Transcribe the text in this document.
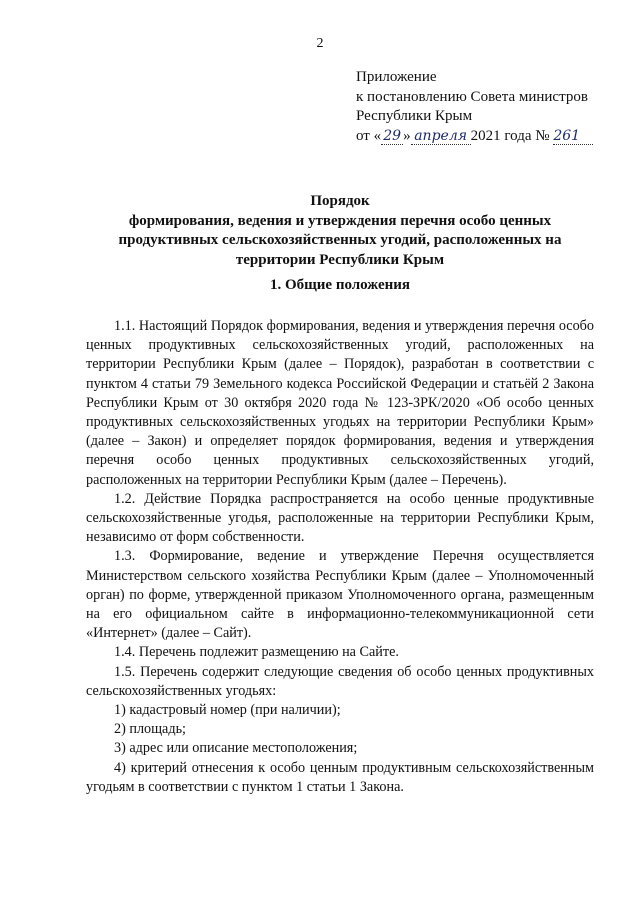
2
Приложение
к постановлению Совета министров
Республики Крым
от « 29 » апреля 2021 года № 261
Порядок
формирования, ведения и утверждения перечня особо ценных
продуктивных сельскохозяйственных угодий, расположенных на
территории Республики Крым
1. Общие положения

1.1. Настоящий Порядок формирования, ведения и утверждения перечня особо ценных продуктивных сельскохозяйственных угодий, расположенных на территории Республики Крым (далее – Порядок), разработан в соответствии с пунктом 4 статьи 79 Земельного кодекса Российской Федерации и статьёй 2 Закона Республики Крым от 30 октября 2020 года № 123-ЗРК/2020 «Об особо ценных продуктивных сельскохозяйственных угодьях на территории Республики Крым» (далее – Закон) и определяет порядок формирования, ведения и утверждения перечня особо ценных продуктивных сельскохозяйственных угодий, расположенных на территории Республики Крым (далее – Перечень).

1.2. Действие Порядка распространяется на особо ценные продуктивные сельскохозяйственные угодья, расположенные на территории Республики Крым, независимо от форм собственности.

1.3. Формирование, ведение и утверждение Перечня осуществляется Министерством сельского хозяйства Республики Крым (далее – Уполномоченный орган) по форме, утвержденной приказом Уполномоченного органа, размещенным на его официальном сайте в информационно-телекоммуникационной сети «Интернет» (далее – Сайт).

1.4. Перечень подлежит размещению на Сайте.

1.5. Перечень содержит следующие сведения об особо ценных продуктивных сельскохозяйственных угодьях:

1) кадастровый номер (при наличии);

2) площадь;

3) адрес или описание местоположения;

4) критерий отнесения к особо ценным продуктивным сельскохозяйственным угодьям в соответствии с пунктом 1 статьи 1 Закона.
